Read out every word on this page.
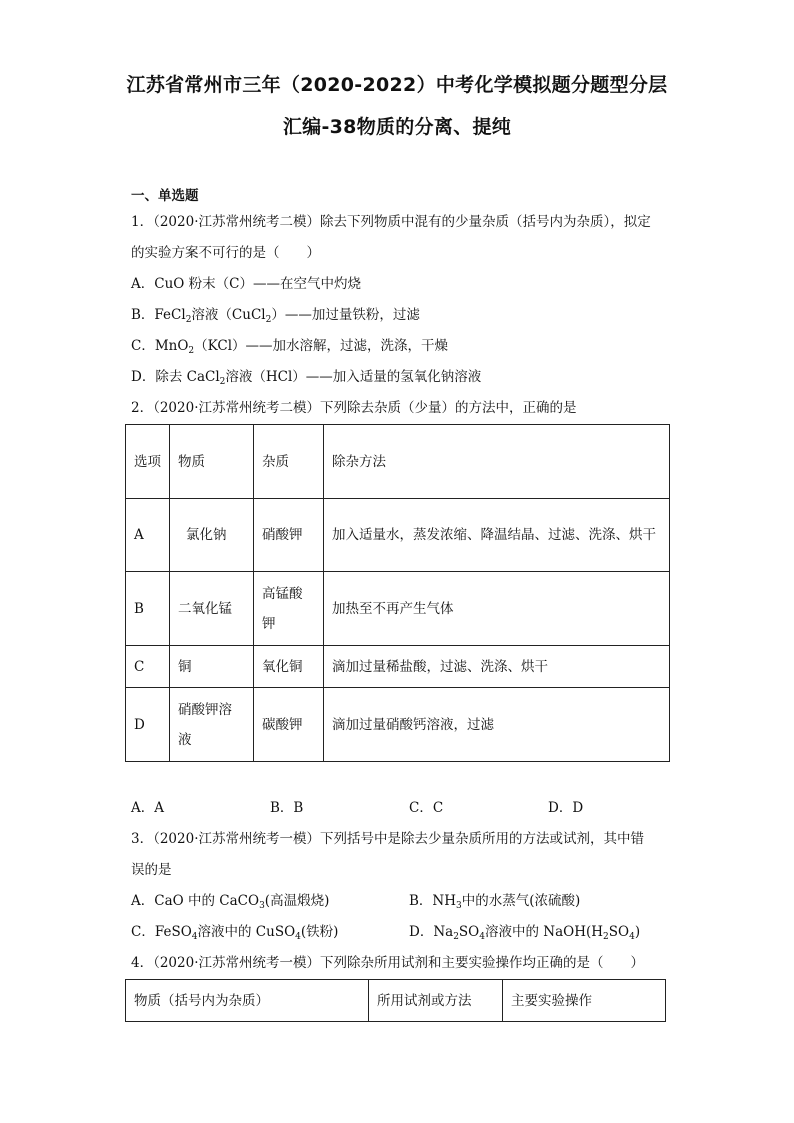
江苏省常州市三年（2020-2022）中考化学模拟题分题型分层
汇编-38物质的分离、提纯
一、单选题
1．（2020·江苏常州统考二模）除去下列物质中混有的少量杂质（括号内为杂质），拟定
的实验方案不可行的是（　　）
A．CuO 粉末（C）——在空气中灼烧
B．FeCl$_2$溶液（CuCl$_2$）——加过量铁粉，过滤
C．MnO$_2$（KCl）——加水溶解，过滤，洗涤，干燥
D．除去 CaCl$_2$溶液（HCl）——加入适量的氢氧化钠溶液
2．（2020·江苏常州统考二模）下列除去杂质（少量）的方法中，正确的是
选项	物质	杂质	除杂方法
A	氯化钠	硝酸钾	加入适量水，蒸发浓缩、降温结晶、过滤、洗涤、烘干
B	二氧化锰	高锰酸钾	加热至不再产生气体
C	铜	氧化铜	滴加过量稀盐酸，过滤、洗涤、烘干
D	硝酸钾溶液	碳酸钾	滴加过量硝酸钙溶液，过滤
A．A	B．B	C．C	D．D
3．（2020·江苏常州统考一模）下列括号中是除去少量杂质所用的方法或试剂，其中错
误的是
A．CaO 中的 CaCO$_3$(高温煅烧)	B．$NH_3$中的水蒸气(浓硫酸)
C．FeSO$_4$溶液中的 CuSO$_4$(铁粉)	D．$Na_2SO_4$溶液中的 $NaOH(H_2SO_4)$
4．（2020·江苏常州统考一模）下列除杂所用试剂和主要实验操作均正确的是（　　）
物质（括号内为杂质）	所用试剂或方法	主要实验操作
